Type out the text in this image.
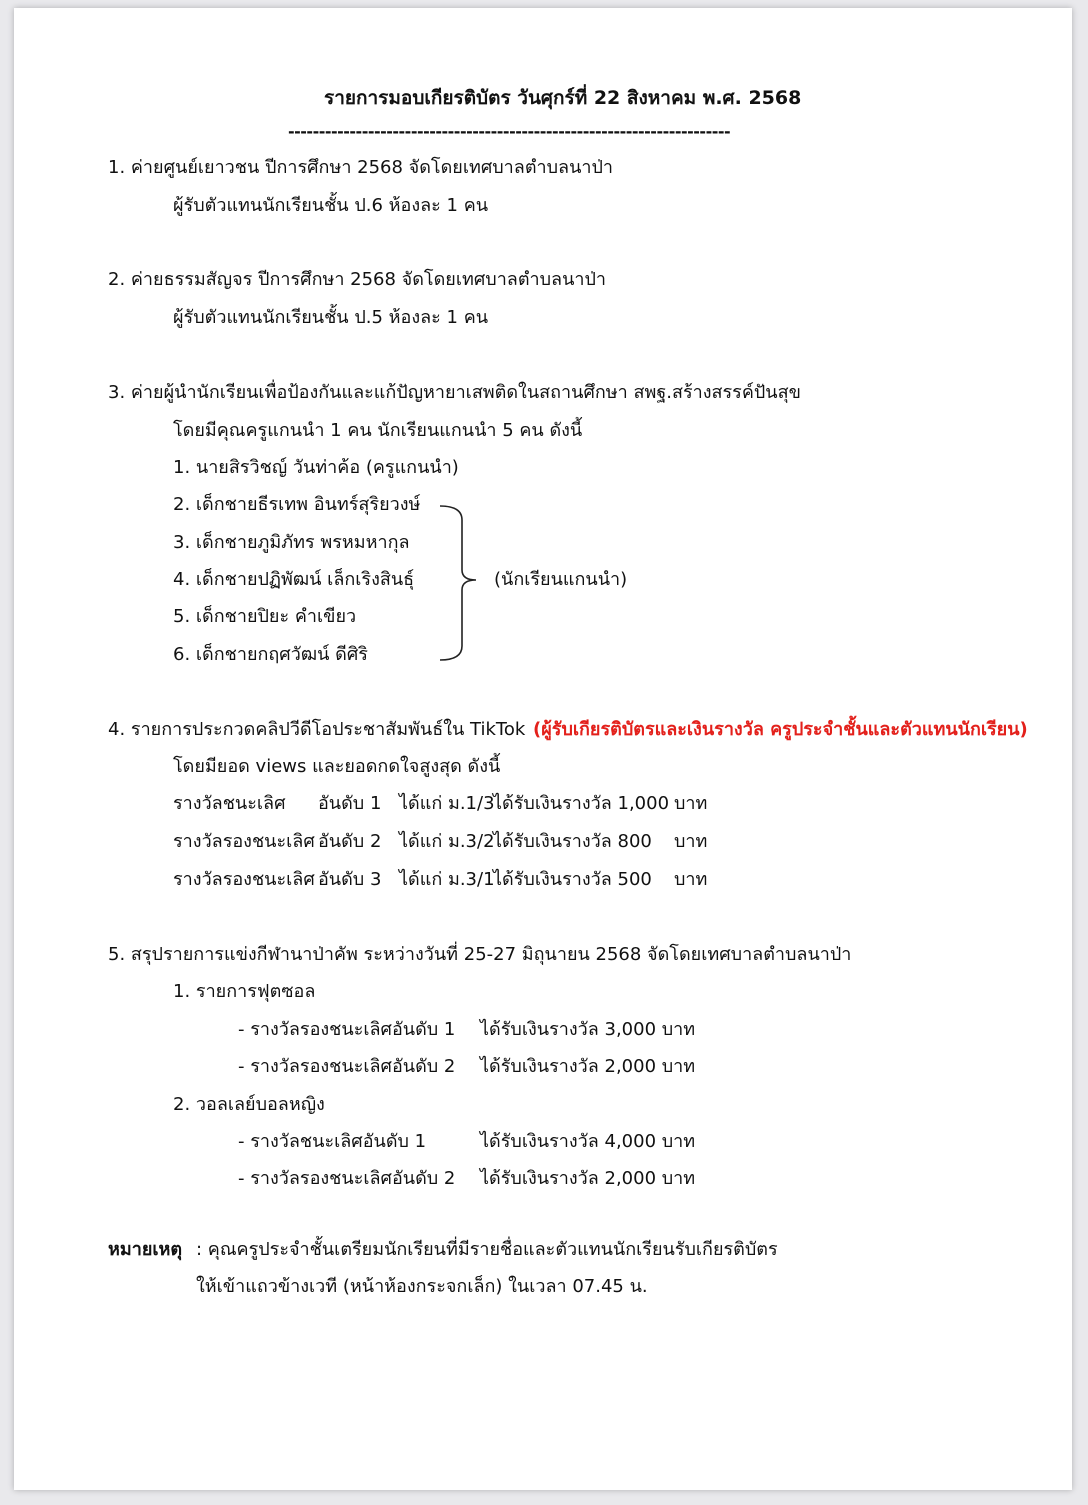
รายการมอบเกียรติบัตร วันศุกร์ที่ 22 สิงหาคม พ.ศ. 2568
------------------------------------------------------------------------
1. ค่ายศูนย์เยาวชน ปีการศึกษา 2568 จัดโดยเทศบาลตำบลนาป่า
ผู้รับตัวแทนนักเรียนชั้น ป.6 ห้องละ 1 คน
2. ค่ายธรรมสัญจร ปีการศึกษา 2568 จัดโดยเทศบาลตำบลนาป่า
ผู้รับตัวแทนนักเรียนชั้น ป.5 ห้องละ 1 คน
3. ค่ายผู้นำนักเรียนเพื่อป้องกันและแก้ปัญหายาเสพติดในสถานศึกษา สพฐ.สร้างสรรค์ปันสุข
โดยมีคุณครูแกนนำ 1 คน นักเรียนแกนนำ 5 คน ดังนี้
1. นายสิรวิชญ์ วันท่าค้อ (ครูแกนนำ)
2. เด็กชายธีรเทพ อินทร์สุริยวงษ์
3. เด็กชายภูมิภัทร พรหมหากุล
4. เด็กชายปฏิพัฒน์ เล็กเริงสินธุ์
5. เด็กชายปิยะ คำเขียว
6. เด็กชายกฤศวัฒน์ ดีศิริ
(นักเรียนแกนนำ)
4. รายการประกวดคลิปวีดีโอประชาสัมพันธ์ใน TikTok (ผู้รับเกียรติบัตรและเงินรางวัล ครูประจำชั้นและตัวแทนนักเรียน)
โดยมียอด views และยอดกดใจสูงสุด ดังนี้
รางวัลชนะเลิศ อันดับ 1 ได้แก่ ม.1/3
ได้รับเงินรางวัล 1,000 บาท
รางวัลรองชนะเลิศ อันดับ 2 ได้แก่ ม.3/2
ได้รับเงินรางวัล 800 บาท
รางวัลรองชนะเลิศ อันดับ 3 ได้แก่ ม.3/1
ได้รับเงินรางวัล 500 บาท
5. สรุปรายการแข่งกีฬานาป่าคัพ ระหว่างวันที่ 25-27 มิถุนายน 2568 จัดโดยเทศบาลตำบลนาป่า
1. รายการฟุตซอล
- รางวัลรองชนะเลิศอันดับ 1 ได้รับเงินรางวัล 3,000 บาท
- รางวัลรองชนะเลิศอันดับ 2 ได้รับเงินรางวัล 2,000 บาท
2. วอลเลย์บอลหญิง
- รางวัลชนะเลิศอันดับ 1	ได้รับเงินรางวัล 4,000 บาท
- รางวัลรองชนะเลิศอันดับ 2 ได้รับเงินรางวัล 2,000 บาท
หมายเหตุ : คุณครูประจำชั้นเตรียมนักเรียนที่มีรายชื่อและตัวแทนนักเรียนรับเกียรติบัตร
ให้เข้าแถวข้างเวที (หน้าห้องกระจกเล็ก) ในเวลา 07.45 น.
